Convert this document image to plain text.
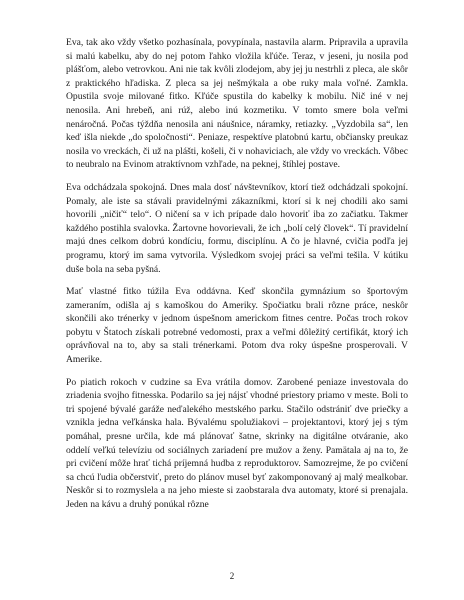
Eva, tak ako vždy všetko pozhasínala, povypínala, nastavila alarm. Pripravila a upravila si malú kabelku, aby do nej potom ľahko vložila kľúče. Teraz, v jeseni, ju nosila pod plášťom, alebo vetrovkou. Ani nie tak kvôli zlodejom, aby jej ju nestrhli z pleca, ale skôr z praktického hľadiska. Z pleca sa jej nešmýkala a obe ruky mala voľné. Zamkla. Opustila svoje milované fitko. Kľúče spustila do kabelky k mobilu. Nič iné v nej nenosila. Ani hrebeň, ani rúž, alebo inú kozmetiku. V tomto smere bola veľmi nenáročná. Počas týždňa nenosila ani náušnice, náramky, retiazky. „Vyzdobila sa“, len keď išla niekde „do spoločnosti“. Peniaze, respektíve platobnú kartu, občiansky preukaz nosila vo vreckách, či už na plášti, košeli, či v nohaviciach, ale vždy vo vreckách. Vôbec to neubralo na Evinom atraktívnom vzhľade, na peknej, štíhlej postave.

Eva odchádzala spokojná. Dnes mala dosť návštevníkov, ktorí tiež odchádzali spokojní. Pomaly, ale iste sa stávali pravidelnými zákazníkmi, ktorí si k nej chodili ako sami hovorili „ničiť“ telo“. O ničení sa v ich prípade dalo hovoriť iba zo začiatku. Takmer každého postihla svalovka. Žartovne hovorievali, že ich „bolí celý človek“. Tí pravidelní majú dnes celkom dobrú kondíciu, formu, disciplínu. A čo je hlavné, cvičia podľa jej programu, ktorý im sama vytvorila. Výsledkom svojej práci sa veľmi tešila. V kútiku duše bola na seba pyšná.

Mať vlastné fitko túžila Eva oddávna. Keď skončila gymnázium so športovým zameraním, odišla aj s kamoškou do Ameriky. Spočiatku brali rôzne práce, neskôr skončili ako trénerky v jednom úspešnom americkom fitnes centre. Počas troch rokov pobytu v Štatoch získali potrebné vedomosti, prax a veľmi dôležitý certifikát, ktorý ich oprávňoval na to, aby sa stali trénerkami. Potom dva roky úspešne prosperovali. V Amerike.

Po piatich rokoch v cudzine sa Eva vrátila domov. Zarobené peniaze investovala do zriadenia svojho fitnesska. Podarilo sa jej nájsť vhodné priestory priamo v meste. Boli to tri spojené bývalé garáže neďalekého mestského parku. Stačilo odstrániť dve priečky a vznikla jedna veľkánska hala. Bývalému spolužiakovi – projektantovi, ktorý jej s tým pomáhal, presne určila, kde má plánovať šatne, skrinky na digitálne otváranie, ako oddelí veľkú televíziu od sociálnych zariadení pre mužov a ženy. Pamätala aj na to, že pri cvičení môže hrať tichá príjemná hudba z reproduktorov. Samozrejme, že po cvičení sa chcú ľudia občerstviť, preto do plánov musel byť zakomponovaný aj malý mealkobar. Neskôr si to rozmyslela a na jeho mieste si zaobstarala dva automaty, ktoré si prenajala. Jeden na kávu a druhý ponúkal rôzne

2
